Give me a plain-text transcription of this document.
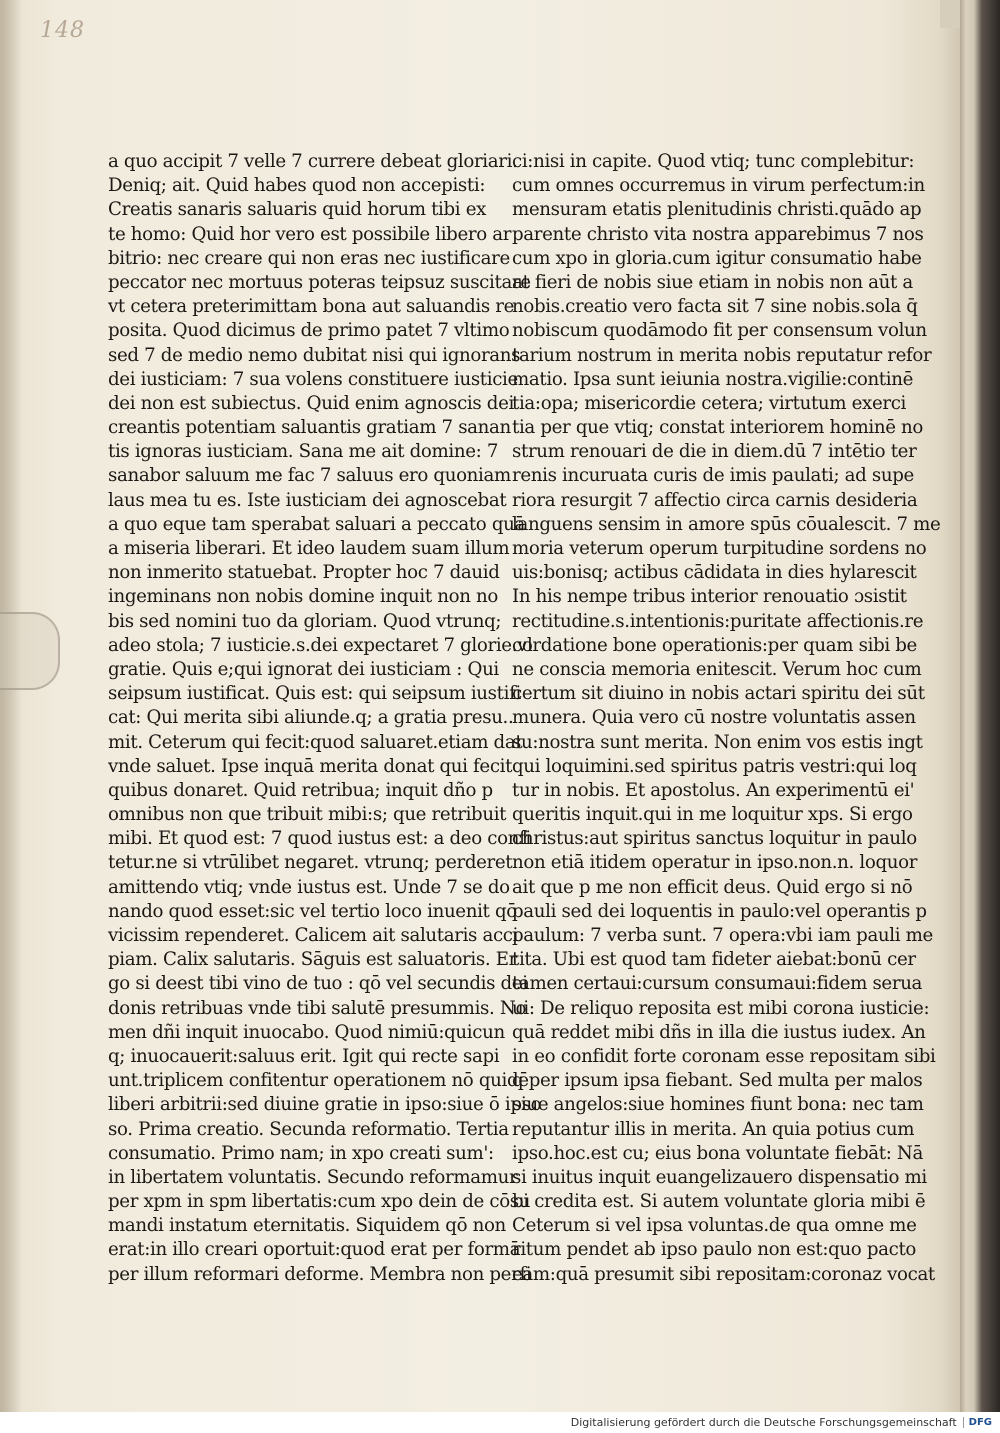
148
a quo accipit 7 velle 7 currere debeat gloriari.
Deniq; ait. Quid habes quod non accepisti:
Creatis sanaris saluaris quid horum tibi ex
te homo: Quid hor vero est possibile libero ar
bitrio: nec creare qui non eras nec iustificare
peccator nec mortuus poteras teipsuz suscitare
vt cetera preterimittam bona aut saluandis re
posita. Quod dicimus de primo patet 7 vltimo
sed 7 de medio nemo dubitat nisi qui ignorans
dei iusticiam: 7 sua volens constituere iusticie
dei non est subiectus. Quid enim agnoscis dei
creantis potentiam saluantis gratiam 7 sanan
tis ignoras iusticiam. Sana me ait domine: 7
sanabor saluum me fac 7 saluus ero quoniam
laus mea tu es. Iste iusticiam dei agnoscebat
a quo eque tam sperabat saluari a peccato quā
a miseria liberari. Et ideo laudem suam illum
non inmerito statuebat. Propter hoc 7 dauid
ingeminans non nobis domine inquit non no
bis sed nomini tuo da gloriam. Quod vtrunq;
adeo stola; 7 iusticie.s.dei expectaret 7 glorie.vl
gratie. Quis e;qui ignorat dei iusticiam : Qui
seipsum iustificat. Quis est: qui seipsum iustifi
cat: Qui merita sibi aliunde.q; a gratia presu..
mit. Ceterum qui fecit:quod saluaret.etiam dat
vnde saluet. Ipse inquā merita donat qui fecit
quibus donaret. Quid retribua; inquit dño p
omnibus non que tribuit mibi:s; que retribuit
mibi. Et quod est: 7 quod iustus est: a deo confi
tetur.ne si vtrūlibet negaret. vtrunq; perderet
amittendo vtiq; vnde iustus est. Unde 7 se do
nando quod esset:sic vel tertio loco inuenit qō
vicissim rependeret. Calicem ait salutaris acci
piam. Calix salutaris. Sāguis est saluatoris. Er
go si deest tibi vino de tuo : qō vel secundis dei
donis retribuas vnde tibi salutē presummis. No
men dñi inquit inuocabo. Quod nimiū:quicun
q; inuocauerit:saluus erit. Igit qui recte sapi
unt.triplicem confitentur operationem nō quidē
liberi arbitrii:sed diuine gratie in ipso:siue ō ipso
so. Prima creatio. Secunda reformatio. Tertia
consumatio. Primo nam; in xpo creati sum':
in libertatem voluntatis. Secundo reformamur
per xpm in spm libertatis:cum xpo dein de cōsu
mandi instatum eternitatis. Siquidem qō non
erat:in illo creari oportuit:quod erat per formā
per illum reformari deforme. Membra non perfi
ci:nisi in capite. Quod vtiq; tunc complebitur:
cum omnes occurremus in virum perfectum:in
mensuram etatis plenitudinis christi.quādo ap
parente christo vita nostra apparebimus 7 nos
cum xpo in gloria.cum igitur consumatio habe
at fieri de nobis siue etiam in nobis non aūt a
nobis.creatio vero facta sit 7 sine nobis.sola q̄
nobiscum quodāmodo fit per consensum volun
tarium nostrum in merita nobis reputatur refor
matio. Ipsa sunt ieiunia nostra.vigilie:continē
tia:opa; misericordie cetera; virtutum exerci
tia per que vtiq; constat interiorem hominē no
strum renouari de die in diem.dū 7 intētio ter
renis incuruata curis de imis paulati; ad supe
riora resurgit 7 affectio circa carnis desideria
languens sensim in amore spūs cōualescit. 7 me
moria veterum operum turpitudine sordens no
uis:bonisq; actibus cādidata in dies hylarescit
In his nempe tribus interior renouatio ɔsistit
rectitudine.s.intentionis:puritate affectionis.re
cordatione bone operationis:per quam sibi be
ne conscia memoria enitescit. Verum hoc cum
certum sit diuino in nobis actari spiritu dei sūt
munera. Quia vero cū nostre voluntatis assen
su:nostra sunt merita. Non enim vos estis ingt
qui loquimini.sed spiritus patris vestri:qui loq
tur in nobis. Et apostolus. An experimentū ei'
queritis inquit.qui in me loquitur xps. Si ergo
christus:aut spiritus sanctus loquitur in paulo
non etiā itidem operatur in ipso.non.n. loquor
ait que p me non efficit deus. Quid ergo si nō
pauli sed dei loquentis in paulo:vel operantis p
paulum: 7 verba sunt. 7 opera:vbi iam pauli me
tita. Ubi est quod tam fideter aiebat:bonū cer
tamen certaui:cursum consumaui:fidem serua
ui: De reliquo reposita est mibi corona iusticie:
quā reddet mibi dñs in illa die iustus iudex. An
in eo confidit forte coronam esse repositam sibi
q per ipsum ipsa fiebant. Sed multa per malos
siue angelos:siue homines fiunt bona: nec tam
reputantur illis in merita. An quia potius cum
ipso.hoc.est cu; eius bona voluntate fiebāt: Nā
si inuitus inquit euangelizauero dispensatio mi
bi credita est. Si autem voluntate gloria mibi ē
Ceterum si vel ipsa voluntas.de qua omne me
ritum pendet ab ipso paulo non est:quo pacto
eam:quā presumit sibi repositam:coronaz vocat
Digitalisierung gefördert durch die Deutsche Forschungsgemeinschaft	DFG
